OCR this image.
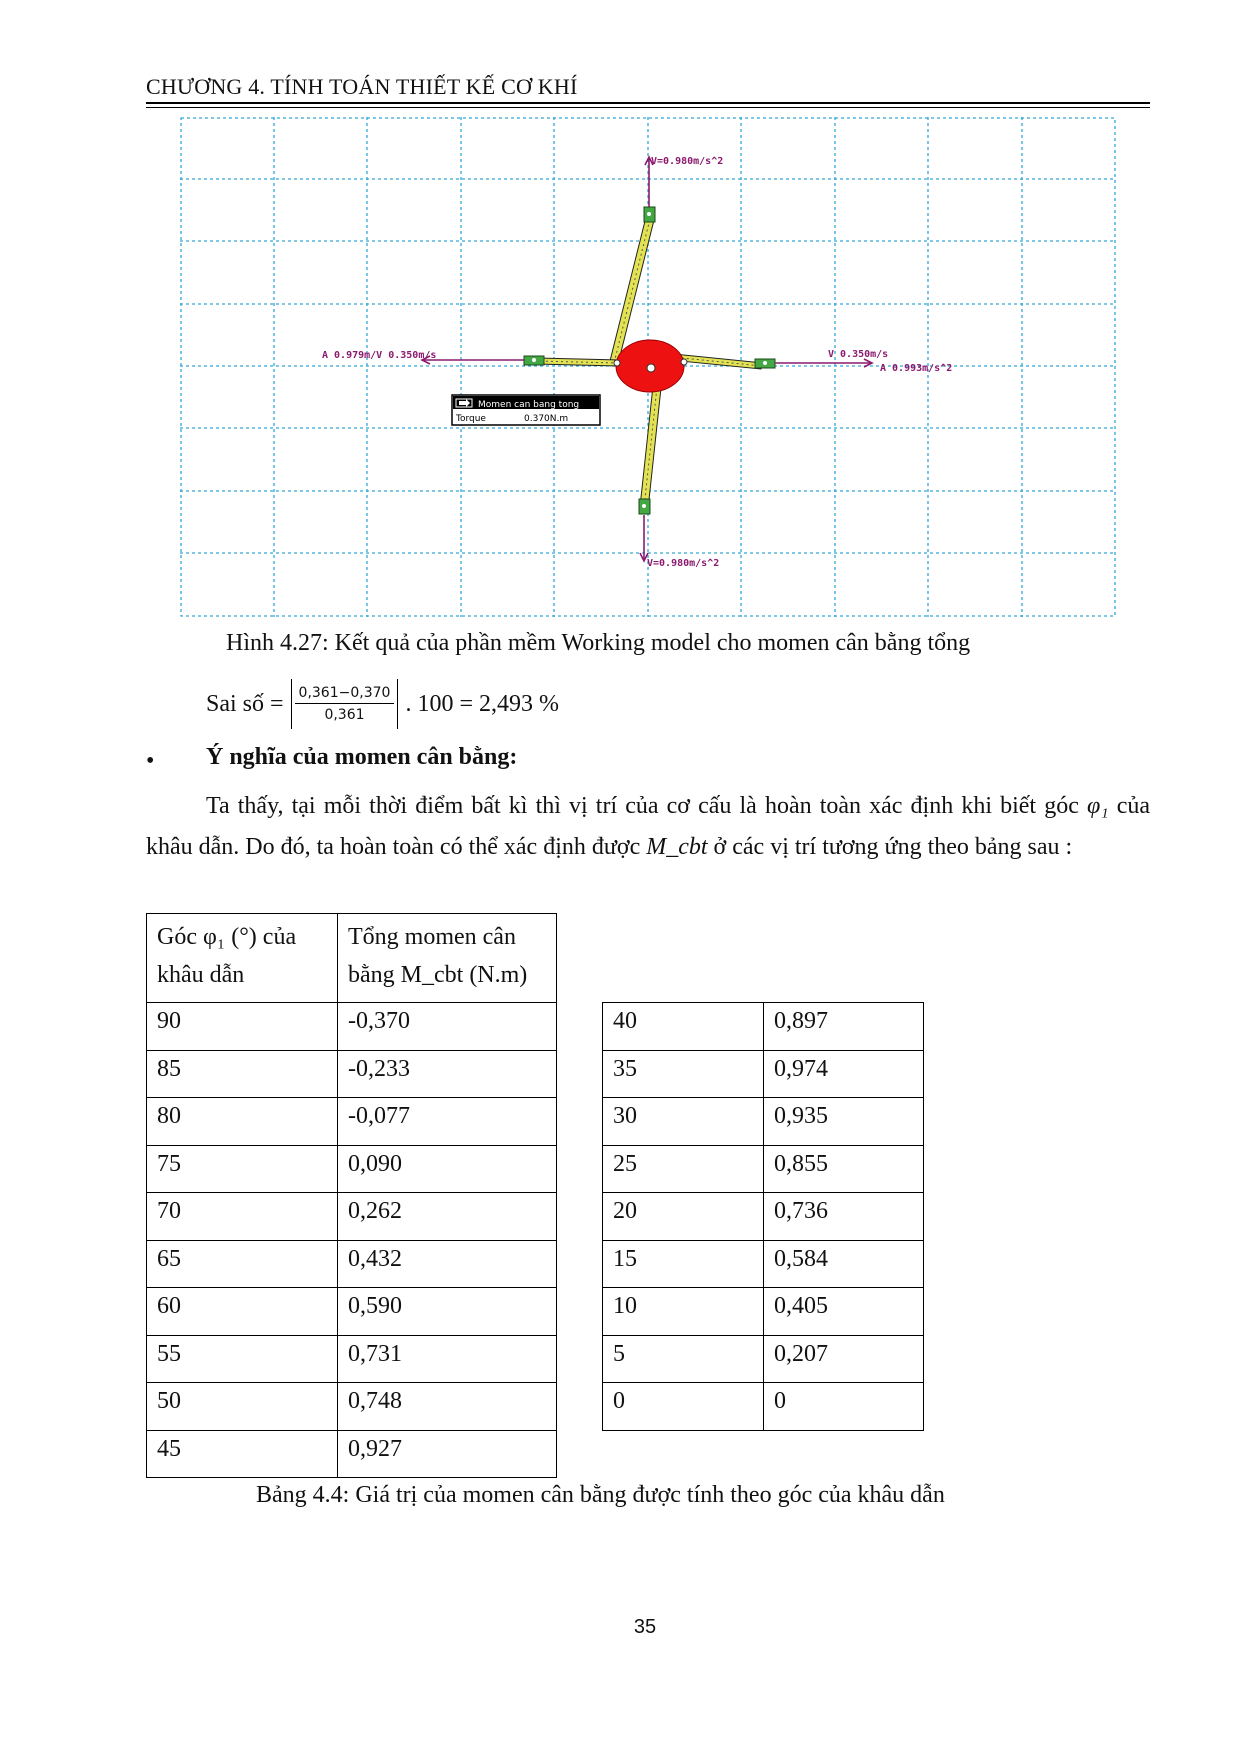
CHƯƠNG 4. TÍNH TOÁN THIẾT KẾ CƠ KHÍ
V=0.980m/s^2
V=0.980m/s^2
A 0.979m/V 0.350m/s	V 0.350m/s
A 0.993m/s^2
Momen can bang tong
Torque	0.370N.m
Hình 4.27: Kết quả của phần mềm Working model cho momen cân bằng tổng
Sai số = $\frac{0,361-0,370}{0,361}$ . 100 = 2,493 %
• Ý nghĩa của momen cân bằng:
Ta thấy, tại mỗi thời điểm bất kì thì vị trí của cơ cấu là hoàn toàn xác định khi biết góc φ₁ của khâu dẫn. Do đó, ta hoàn toàn có thể xác định được M_cbt ở các vị trí tương ứng theo bảng sau :
Góc φ₁ (°) của
khâu dẫn	Tổng momen cân
bằng M_cbt (N.m)
90	-0,370
85	-0,233
80	-0,077
75	0,090
70	0,262
65	0,432
60	0,590
55	0,731
50	0,748
45	0,927
40	0,897
35	0,974
30	0,935
25	0,855
20	0,736
15	0,584
10	0,405
5	0,207
0	0
Bảng 4.4: Giá trị của momen cân bằng được tính theo góc của khâu dẫn
35
